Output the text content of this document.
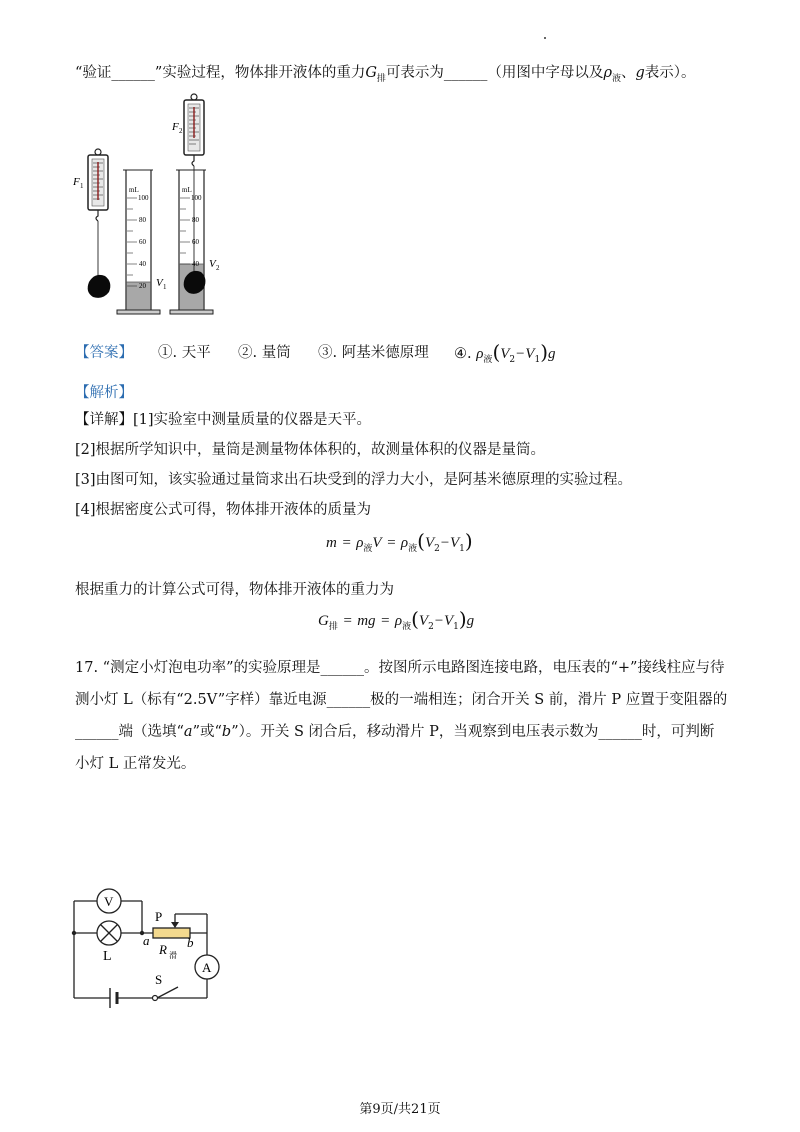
“验证______”实验过程，物体排开液体的重力$G_排$可表示为______（用图中字母以及$\rho_液$、g表示）。
mL
100
80
60
40
20
mL
100
80
60
40
F 1
F 2
V 1
V 2
【答案】 ①. 天平 ②. 量筒 ③. 阿基米德原理 ④. $\rho_液(V_2-V_1)g$
【解析】
【详解】[1]实验室中测量质量的仪器是天平。
[2]根据所学知识中，量筒是测量物体体积的，故测量体积的仪器是量筒。
[3]由图可知，该实验通过量筒求出石块受到的浮力大小，是阿基米德原理的实验过程。
[4]根据密度公式可得，物体排开液体的质量为
$m = \rho_液V = \rho_液(V_2-V_1)$
根据重力的计算公式可得，物体排开液体的重力为
$G_排$ = mg = $\rho_液(V_2-V_1)g$
17. “测定小灯泡电功率”的实验原理是______。按图所示电路图连接电路，电压表的“+”接线柱应与待
测小灯 L（标有“2.5V”字样）靠近电源______极的一端相连；闭合开关 S 前，滑片 P 应置于变阻器的
______端（选填“a”或“b”）。开关 S 闭合后，移动滑片 P，当观察到电压表示数为______时，可判断
小灯 L 正常发光。
V
A
L
P
a	b
R 滑
S
第9页/共21页
